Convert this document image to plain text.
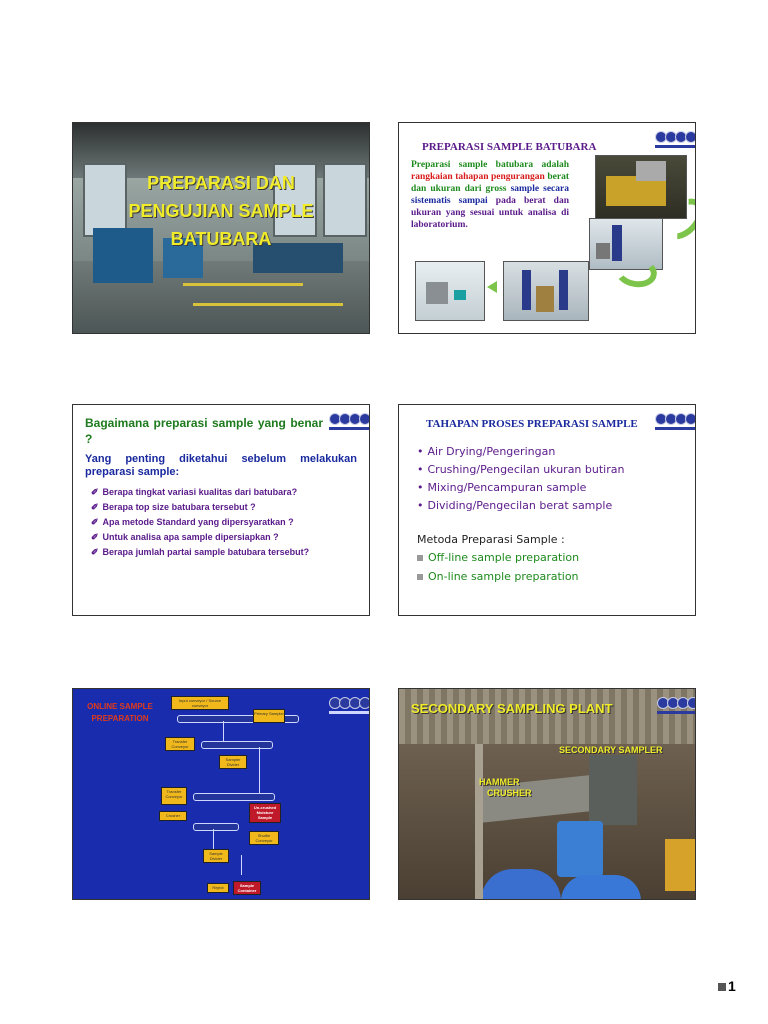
PREPARASI DAN
PENGUJIAN SAMPLE
BATUBARA
PREPARASI SAMPLE BATUBARA
Preparasi sample batubara adalah rangkaian tahapan pengurangan berat dan ukuran dari gross sample secara sistematis sampai pada berat dan ukuran yang sesuai untuk analisa di laboratorium.
Bagaimana preparasi sample yang benar ?
Yang penting diketahui sebelum melakukan preparasi sample:
✐ Berapa tingkat variasi kualitas dari batubara?
✐ Berapa top size batubara tersebut ?
✐ Apa metode Standard yang dipersyaratkan ?
✐ Untuk analisa apa sample dipersiapkan ?
✐ Berapa jumlah partai sample batubara tersebut?
TAHAPAN PROSES PREPARASI SAMPLE
• Air Drying/Pengeringan
• Crushing/Pengecilan ukuran butiran
• Mixing/Pencampuran sample
• Dividing/Pengecilan berat sample
Metoda Preparasi Sample :
Off-line sample preparation
On-line sample preparation
ONLINE SAMPLE
PREPARATION
Input conveyor / Source conveyor
Primary Sampler
Transfer Conveyor
Sampler Divider
Transfer Conveyor
Crusher
Un-crushed Moisture Sample
Shuttle Conveyor
Sample Divider
Reject	Sample Container
SECONDARY SAMPLING PLANT
SECONDARY SAMPLER
HAMMER
CRUSHER
1
